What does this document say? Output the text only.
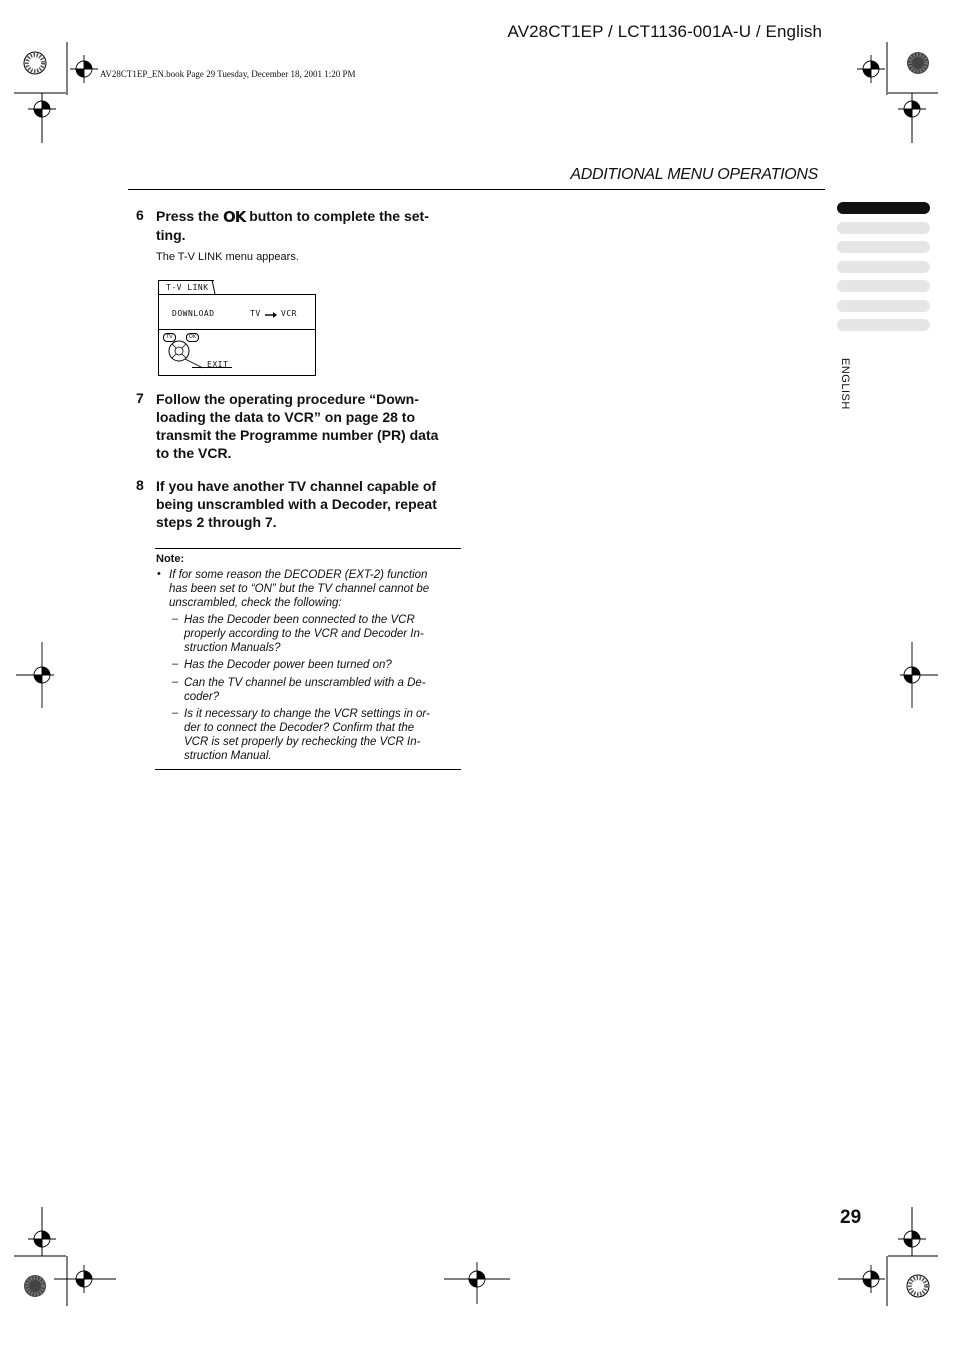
AV28CT1EP / LCT1136-001A-U / English
AV28CT1EP_EN.book Page 29 Tuesday, December 18, 2001 1:20 PM
ADDITIONAL MENU OPERATIONS
ENGLISH
6 Press the OK button to complete the set-
ting.
The T-V LINK menu appears.
T-V LINK
DOWNLOAD	TV	VCR
TV	OK
EXIT
7 Follow the operating procedure “Down-
loading the data to VCR” on page 28 to
transmit the Programme number (PR) data
to the VCR.
8 If you have another TV channel capable of
being unscrambled with a Decoder, repeat
steps 2 through 7.
Note:
• If for some reason the DECODER (EXT-2) function
has been set to “ON” but the TV channel cannot be
unscrambled, check the following:
– Has the Decoder been connected to the VCR
properly according to the VCR and Decoder In-
struction Manuals?
– Has the Decoder power been turned on?
– Can the TV channel be unscrambled with a De-
coder?
– Is it necessary to change the VCR settings in or-
der to connect the Decoder? Confirm that the
VCR is set properly by rechecking the VCR In-
struction Manual.
29
